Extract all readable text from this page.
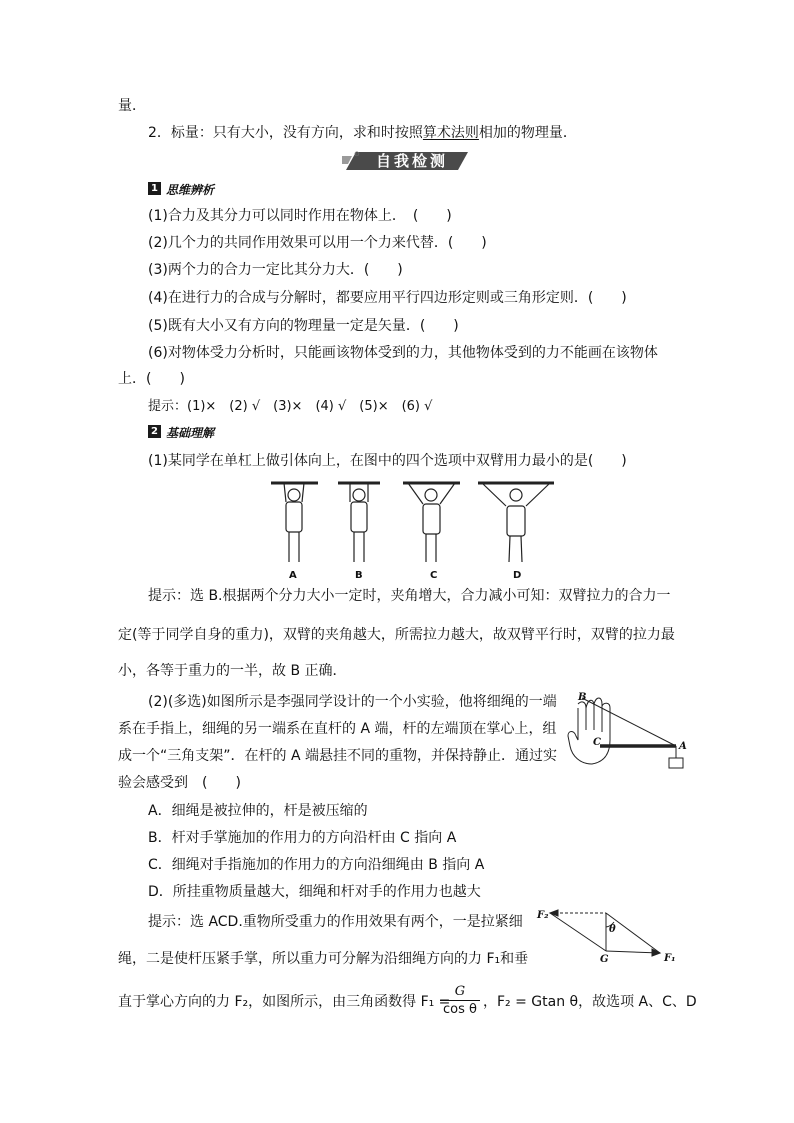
量．
2．标量：只有大小，没有方向，求和时按照算术法则相加的物理量．
⊙ 自我检测
1 思维辨析
(1)合力及其分力可以同时作用在物体上．　(　　)
(2)几个力的共同作用效果可以用一个力来代替．(　　)
(3)两个力的合力一定比其分力大．(　　)
(4)在进行力的合成与分解时，都要应用平行四边形定则或三角形定则．(　　)
(5)既有大小又有方向的物理量一定是矢量．(　　)
(6)对物体受力分析时，只能画该物体受到的力，其他物体受到的力不能画在该物体
上．(　　)
提示：(1)×　(2) √　(3)×　(4) √　(5)×　(6) √
2 基础理解
(1)某同学在单杠上做引体向上，在图中的四个选项中双臂用力最小的是(　　)
A	B	C	D
提示：选 B.根据两个分力大小一定时，夹角增大，合力减小可知：双臂拉力的合力一
定(等于同学自身的重力)，双臂的夹角越大，所需拉力越大，故双臂平行时，双臂的拉力最
小，各等于重力的一半，故 B 正确．
(2)(多选)如图所示是李强同学设计的一个小实验，他将细绳的一端
系在手指上，细绳的另一端系在直杆的 A 端，杆的左端顶在掌心上，组
成一个“三角支架”．在杆的 A 端悬挂不同的重物，并保持静止．通过实
验会感受到　(　　)
B
C	A
A．细绳是被拉伸的，杆是被压缩的
B．杆对手掌施加的作用力的方向沿杆由 C 指向 A
C．细绳对手指施加的作用力的方向沿细绳由 B 指向 A
D．所挂重物质量越大，细绳和杆对手的作用力也越大
提示：选 ACD.重物所受重力的作用效果有两个，一是拉紧细
绳，二是使杆压紧手掌，所以重力可分解为沿细绳方向的力 F₁和垂
直于掌心方向的力 F₂，如图所示，由三角函数得 F₁ =
$\frac{G}{\text{cos θ}}$ ，F₂ = Gtan θ，故选项 A、C、D
F₂
θ
G	F₁
